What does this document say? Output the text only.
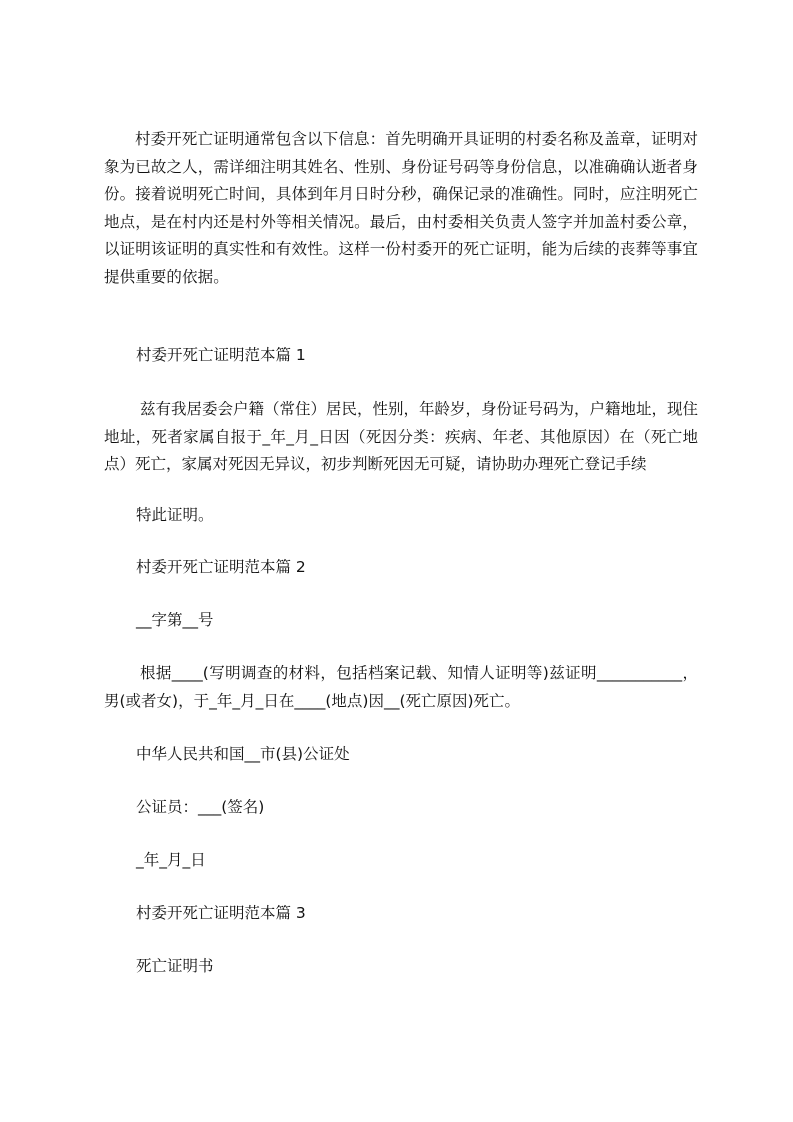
村委开死亡证明通常包含以下信息：首先明确开具证明的村委名称及盖章，证明对象为已故之人，需详细注明其姓名、性别、身份证号码等身份信息，以准确确认逝者身份。接着说明死亡时间，具体到年月日时分秒，确保记录的准确性。同时，应注明死亡地点，是在村内还是村外等相关情况。最后，由村委相关负责人签字并加盖村委公章，以证明该证明的真实性和有效性。这样一份村委开的死亡证明，能为后续的丧葬等事宜提供重要的依据。

村委开死亡证明范本篇 1

兹有我居委会户籍（常住）居民，性别，年龄岁，身份证号码为，户籍地址，现住地址，死者家属自报于_年_月_日因（死因分类：疾病、年老、其他原因）在（死亡地点）死亡，家属对死因无异议，初步判断死因无可疑，请协助办理死亡登记手续

特此证明。

村委开死亡证明范本篇 2

__字第__号

根据____(写明调查的材料，包括档案记载、知情人证明等)兹证明___________，男(或者女)，于_年_月_日在____(地点)因__(死亡原因)死亡。

中华人民共和国__市(县)公证处

公证员：___(签名)

_年_月_日

村委开死亡证明范本篇 3

死亡证明书
